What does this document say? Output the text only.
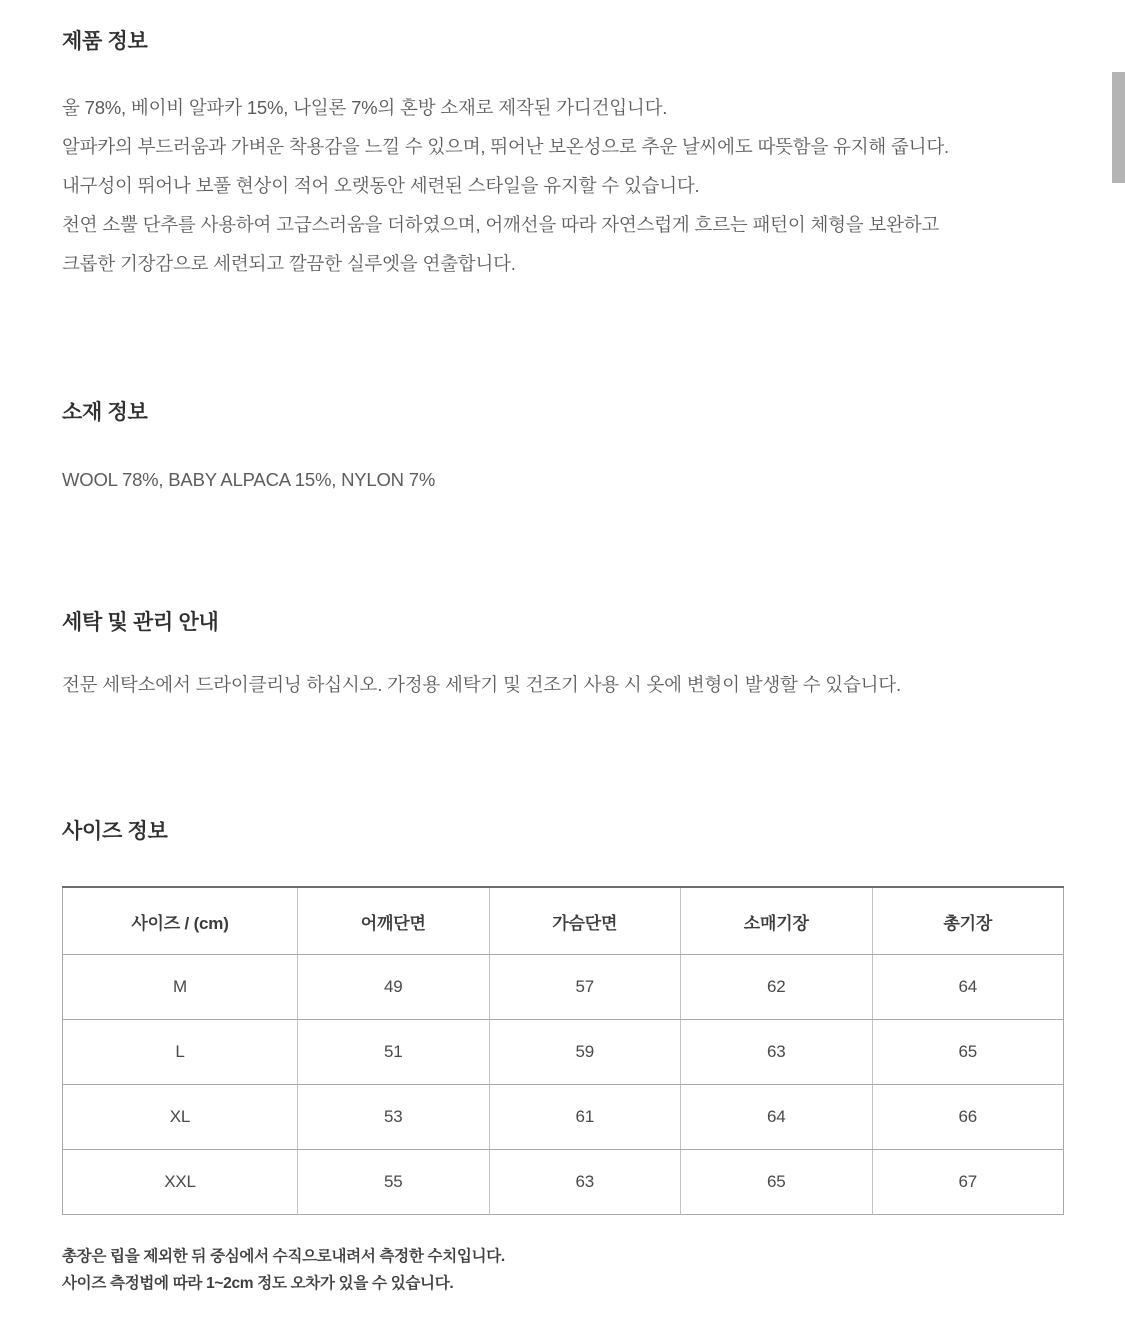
제품 정보
울 78%, 베이비 알파카 15%, 나일론 7%의 혼방 소재로 제작된 가디건입니다.
알파카의 부드러움과 가벼운 착용감을 느낄 수 있으며, 뛰어난 보온성으로 추운 날씨에도 따뜻함을 유지해 줍니다.
내구성이 뛰어나 보풀 현상이 적어 오랫동안 세련된 스타일을 유지할 수 있습니다.
천연 소뿔 단추를 사용하여 고급스러움을 더하였으며, 어깨선을 따라 자연스럽게 흐르는 패턴이 체형을 보완하고
크롭한 기장감으로 세련되고 깔끔한 실루엣을 연출합니다.
소재 정보

WOOL 78%, BABY ALPACA 15%, NYLON 7%

세탁 및 관리 안내

전문 세탁소에서 드라이클리닝 하십시오. 가정용 세탁기 및 건조기 사용 시 옷에 변형이 발생할 수 있습니다.

사이즈 정보
사이즈 / (cm)	어깨단면	가슴단면	소매기장	총기장
M	49	57	62	64
L	51	59	63	65
XL	53	61	64	66
XXL	55	63	65	67

총장은 립을 제외한 뒤 중심에서 수직으로내려서 측정한 수치입니다.

사이즈 측정법에 따라 1~2cm 정도 오차가 있을 수 있습니다.
